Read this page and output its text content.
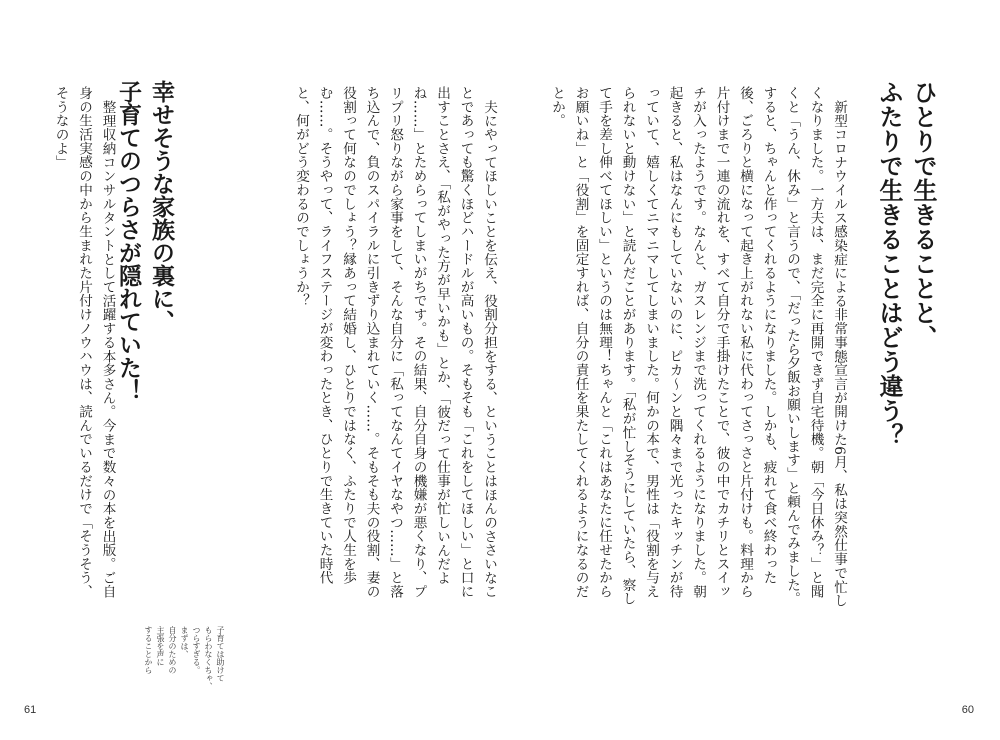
ひとりで生きることと、
ふたりで生きることはどう違う？

新型コロナウイルス感染症による非常事態宣言が開けた6月、私は突然仕事で忙しくなりました。一方夫は、まだ完全に再開できず自宅待機。朝「今日休み？」と聞くと「うん、休み」と言うので、「だったら夕飯お願いします」と頼んでみました。すると、ちゃんと作ってくれるようになりました。しかも、疲れて食べ終わった後、ごろりと横になって起き上がれない私に代わってさっさと片付けも。料理から片付けまで一連の流れを、すべて自分で手掛けたことで、彼の中でカチリとスイッチが入ったようです。なんと、ガスレンジまで洗ってくれるようになりました。朝起きると、私はなんにもしていないのに、ピカ～ンと隅々まで光ったキッチンが待っていて、嬉しくてニマニマしてしまいました。何かの本で、男性は「役割を与えられないと動けない」と読んだことがあります。「私が忙しそうにしていたら、察して手を差し伸べてほしい」というのは無理！ちゃんと「これはあなたに任せたからお願いね」と「役割」を固定すれば、自分の責任を果たしてくれるようになるのだとか。

60

夫にやってほしいことを伝え、役割分担をする、ということはほんのささいなことであっても驚くほどハードルが高いもの。そもそも「これをしてほしい」と口に出すことさえ、「私がやった方が早いかも」とか、「彼だって仕事が忙しいんだよね……」とためらってしまいがちです。その結果、自分自身の機嫌が悪くなり、プリプリ怒りながら家事をして、そんな自分に「私ってなんてイヤなやつ……」と落ち込んで、負のスパイラルに引きずり込まれていく……。そもそも夫の役割、妻の役割って何なのでしょう？縁あって結婚し、ひとりではなく、ふたりで人生を歩む……。そうやって、ライフステージが変わったとき、ひとりで生きていた時代と、何がどう変わるのでしょうか？

幸せそうな家族の裏に、
子育てのつらさが隠れていた！

整理収納コンサルタントとして活躍する本多さん。今まで数々の本を出版。ご自身の生活実感の中から生まれた片付けノウハウは、読んでいるだけで「そうそう、そうなのよ」

子育ては助けて
もらわなくちゃ、
つらすぎる。
まずは、
自分のための
主張を声に
することから
61
